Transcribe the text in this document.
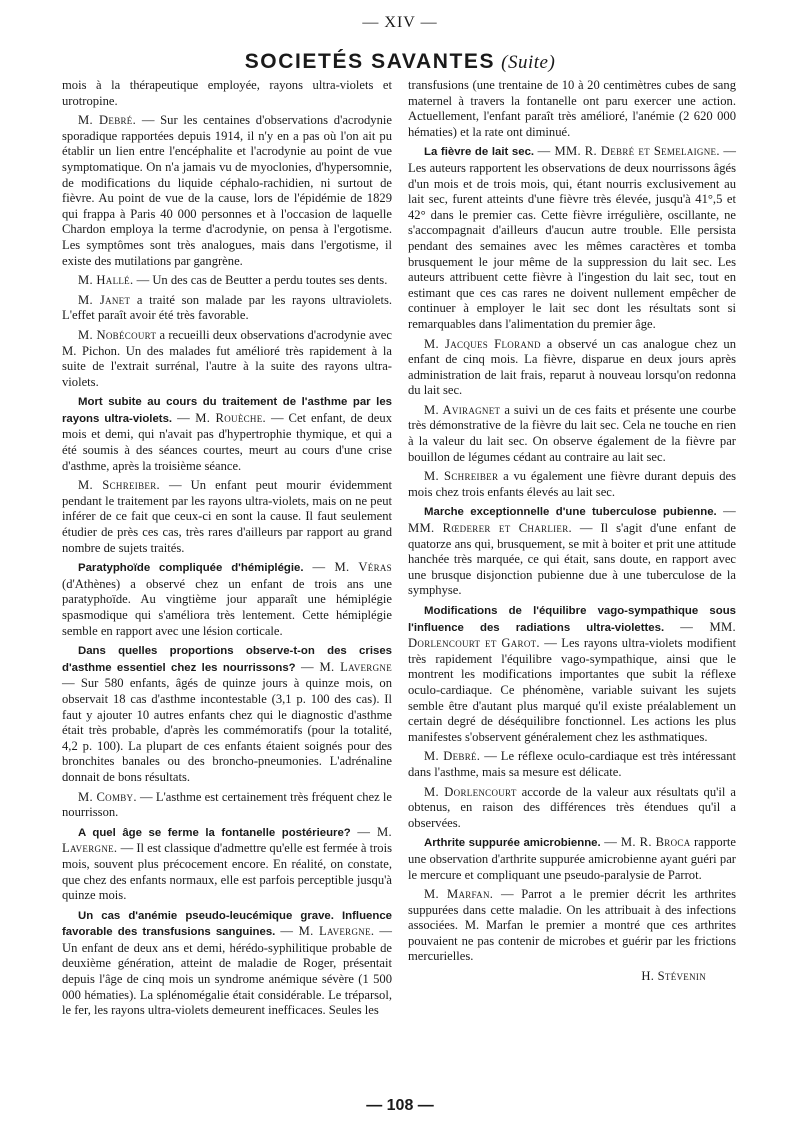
— XIV —
SOCIETÉS SAVANTES (Suite)

mois à la thérapeutique employée, rayons ultra-violets et urotropine.

M. Debré. — Sur les centaines d'observations d'acrodynie sporadique rapportées depuis 1914, il n'y en a pas où l'on ait pu établir un lien entre l'encéphalite et l'acrodynie au point de vue symptomatique. On n'a jamais vu de myoclonies, d'hypersomnie, de modifications du liquide céphalo-rachidien, ni surtout de fièvre. Au point de vue de la cause, lors de l'épidémie de 1829 qui frappa à Paris 40 000 personnes et à l'occasion de laquelle Chardon employa la terme d'acrodynie, on pensa à l'ergotisme. Les symptômes sont très analogues, mais dans l'ergotisme, il existe des mutilations par gangrène.

M. Hallé. — Un des cas de Beutter a perdu toutes ses dents.

M. Janet a traité son malade par les rayons ultraviolets. L'effet paraît avoir été très favorable.

M. Nobécourt a recueilli deux observations d'acrodynie avec M. Pichon. Un des malades fut amélioré très rapidement à la suite de l'extrait surrénal, l'autre à la suite des rayons ultra-violets.

Mort subite au cours du traitement de l'asthme par les rayons ultra-violets. — M. Rouèche. — Cet enfant, de deux mois et demi, qui n'avait pas d'hypertrophie thymique, et qui a été soumis à des séances courtes, meurt au cours d'une crise d'asthme, après la troisième séance.

M. Schreiber. — Un enfant peut mourir évidemment pendant le traitement par les rayons ultra-violets, mais on ne peut inférer de ce fait que ceux-ci en sont la cause. Il faut seulement étudier de près ces cas, très rares d'ailleurs par rapport au grand nombre de sujets traités.

Paratyphoïde compliquée d'hémiplégie. — M. Véras (d'Athènes) a observé chez un enfant de trois ans une paratyphoïde. Au vingtième jour apparaît une hémiplégie spasmodique qui s'améliora très lentement. Cette hémiplégie semble en rapport avec une lésion corticale.

Dans quelles proportions observe-t-on des crises d'asthme essentiel chez les nourrissons? — M. Lavergne — Sur 580 enfants, âgés de quinze jours à quinze mois, on observait 18 cas d'asthme incontestable (3,1 p. 100 des cas). Il faut y ajouter 10 autres enfants chez qui le diagnostic d'asthme était très probable, d'après les commémoratifs (pour la totalité, 4,2 p. 100). La plupart de ces enfants étaient soignés pour des bronchites banales ou des broncho-pneumonies. L'adrénaline donnait de bons résultats.

M. Comby. — L'asthme est certainement très fréquent chez le nourrisson.

A quel âge se ferme la fontanelle postérieure? — M. Lavergne. — Il est classique d'admettre qu'elle est fermée à trois mois, souvent plus précocement encore. En réalité, on constate, que chez des enfants normaux, elle est parfois perceptible jusqu'à quinze mois.

Un cas d'anémie pseudo-leucémique grave. Influence favorable des transfusions sanguines. — M. Lavergne. — Un enfant de deux ans et demi, hérédo-syphilitique probable de deuxième génération, atteint de maladie de Roger, présentait depuis l'âge de cinq mois un syndrome anémique sévère (1 500 000 hématies). La splénomégalie était considérable. Le tréparsol, le fer, les rayons ultra-violets demeurent inefficaces. Seules les

transfusions (une trentaine de 10 à 20 centimètres cubes de sang maternel à travers la fontanelle ont paru exercer une action. Actuellement, l'enfant paraît très amélioré, l'anémie (2 620 000 hématies) et la rate ont diminué.

La fièvre de lait sec. — MM. R. Debré et Semelaigne. — Les auteurs rapportent les observations de deux nourrissons âgés d'un mois et de trois mois, qui, étant nourris exclusivement au lait sec, furent atteints d'une fièvre très élevée, jusqu'à 41°,5 et 42° dans le premier cas. Cette fièvre irrégulière, oscillante, ne s'accompagnait d'ailleurs d'aucun autre trouble. Elle persista pendant des semaines avec les mêmes caractères et tomba brusquement le jour même de la suppression du lait sec. Les auteurs attribuent cette fièvre à l'ingestion du lait sec, tout en estimant que ces cas rares ne doivent nullement empêcher de continuer à employer le lait sec dont les résultats sont si remarquables dans l'alimentation du premier âge.

M. Jacques Florand a observé un cas analogue chez un enfant de cinq mois. La fièvre, disparue en deux jours après administration de lait frais, reparut à nouveau lorsqu'on redonna du lait sec.

M. Aviragnet a suivi un de ces faits et présente une courbe très démonstrative de la fièvre du lait sec. Cela ne touche en rien à la valeur du lait sec. On observe également de la fièvre par bouillon de légumes cédant au contraire au lait sec.

M. Schreiber a vu également une fièvre durant depuis des mois chez trois enfants élevés au lait sec.

Marche exceptionnelle d'une tuberculose pubienne. — MM. Rœderer et Charlier. — Il s'agit d'une enfant de quatorze ans qui, brusquement, se mit à boiter et prit une attitude hanchée très marquée, ce qui était, sans doute, en rapport avec une brusque disjonction pubienne due à une tuberculose de la symphyse.

Modifications de l'équilibre vago-sympathique sous l'influence des radiations ultra-violettes. — MM. Dorlencourt et Garot. — Les rayons ultra-violets modifient très rapidement l'équilibre vago-sympathique, ainsi que le montrent les modifications importantes que subit la réflexe oculo-cardiaque. Ce phénomène, variable suivant les sujets semble être d'autant plus marqué qu'il existe préalablement un certain degré de déséquilibre fonctionnel. Les actions les plus manifestes s'observent généralement chez les asthmatiques.

M. Debré. — Le réflexe oculo-cardiaque est très intéressant dans l'asthme, mais sa mesure est délicate.

M. Dorlencourt accorde de la valeur aux résultats qu'il a obtenus, en raison des différences très étendues qu'il a observées.

Arthrite suppurée amicrobienne. — M. R. Broca rapporte une observation d'arthrite suppurée amicrobienne ayant guéri par le mercure et compliquant une pseudo-paralysie de Parrot.

M. Marfan. — Parrot a le premier décrit les arthrites suppurées dans cette maladie. On les attribuait à des infections associées. M. Marfan le premier a montré que ces arthrites pouvaient ne pas contenir de microbes et guérir par les frictions mercurielles.

H. Stévenin
— 108 —
